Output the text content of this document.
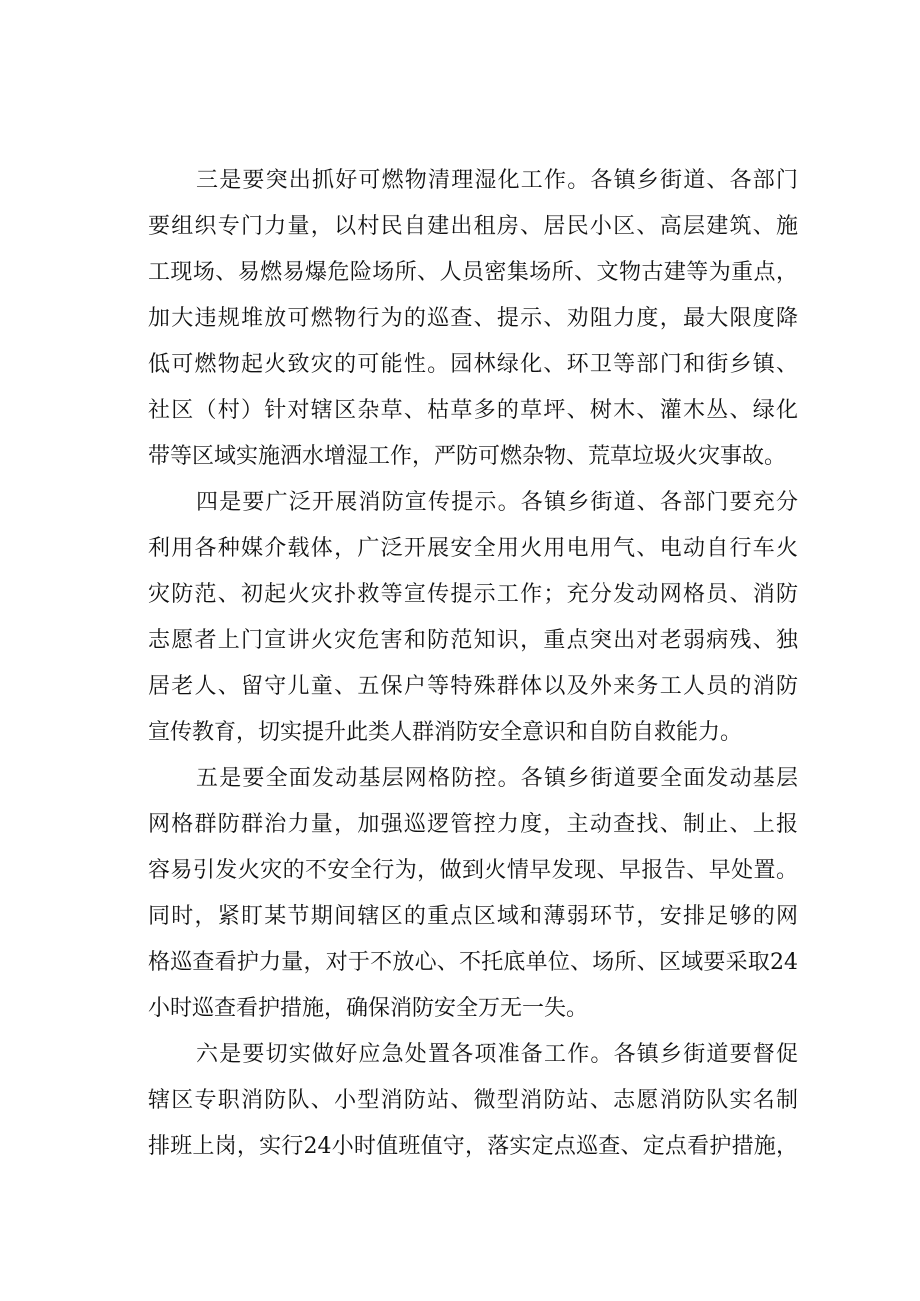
三是要突出抓好可燃物清理湿化工作。各镇乡街道、各部门
要组织专门力量，以村民自建出租房、居民小区、高层建筑、施
工现场、易燃易爆危险场所、人员密集场所、文物古建等为重点，
加大违规堆放可燃物行为的巡查、提示、劝阻力度，最大限度降
低可燃物起火致灾的可能性。园林绿化、环卫等部门和街乡镇、
社区（村）针对辖区杂草、枯草多的草坪、树木、灌木丛、绿化
带等区域实施洒水增湿工作，严防可燃杂物、荒草垃圾火灾事故。

四是要广泛开展消防宣传提示。各镇乡街道、各部门要充分
利用各种媒介载体，广泛开展安全用火用电用气、电动自行车火
灾防范、初起火灾扑救等宣传提示工作；充分发动网格员、消防
志愿者上门宣讲火灾危害和防范知识，重点突出对老弱病残、独
居老人、留守儿童、五保户等特殊群体以及外来务工人员的消防
宣传教育，切实提升此类人群消防安全意识和自防自救能力。

五是要全面发动基层网格防控。各镇乡街道要全面发动基层
网格群防群治力量，加强巡逻管控力度，主动查找、制止、上报
容易引发火灾的不安全行为，做到火情早发现、早报告、早处置。
同时，紧盯某节期间辖区的重点区域和薄弱环节，安排足够的网
格巡查看护力量，对于不放心、不托底单位、场所、区域要采取24
小时巡查看护措施，确保消防安全万无一失。

六是要切实做好应急处置各项准备工作。各镇乡街道要督促
辖区专职消防队、小型消防站、微型消防站、志愿消防队实名制
排班上岗，实行24小时值班值守，落实定点巡查、定点看护措施，
